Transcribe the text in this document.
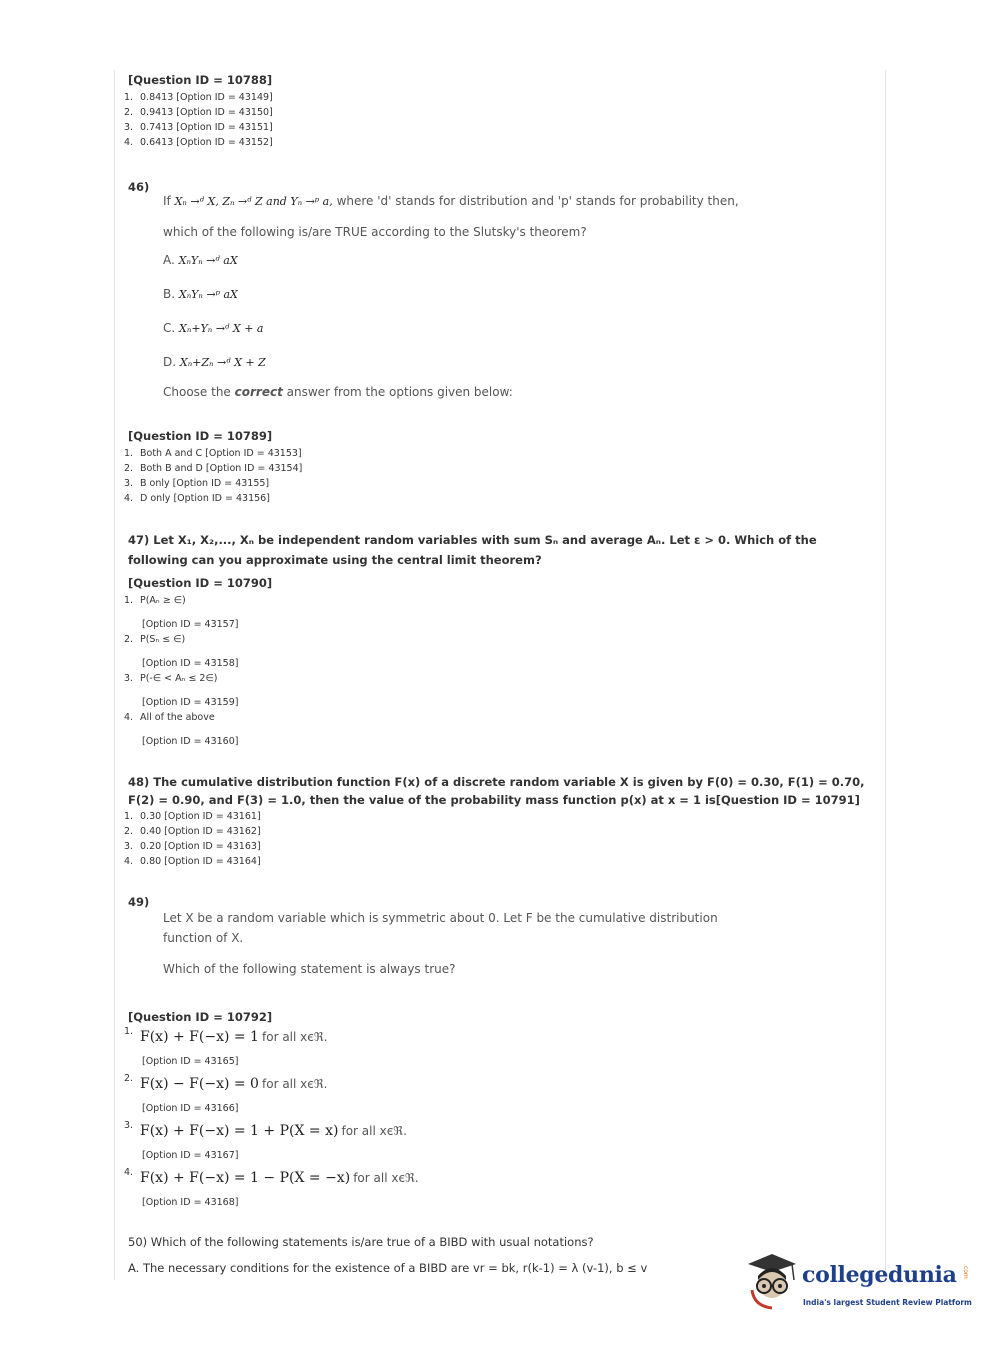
[Question ID = 10788]
1. 0.8413 [Option ID = 43149]
2. 0.9413 [Option ID = 43150]
3. 0.7413 [Option ID = 43151]
4. 0.6413 [Option ID = 43152]
46)
If Xₙ →ᵈ X, Zₙ →ᵈ Z and Yₙ →ᵖ a, where 'd' stands for distribution and 'p' stands for probability then,
which of the following is/are TRUE according to the Slutsky's theorem?
A. XₙYₙ →ᵈ aX
B. XₙYₙ →ᵖ aX
C. Xₙ+Yₙ →ᵈ X + a
D. Xₙ+Zₙ →ᵈ X + Z
Choose the correct answer from the options given below:
[Question ID = 10789]
1. Both A and C [Option ID = 43153]
2. Both B and D [Option ID = 43154]
3. B only [Option ID = 43155]
4. D only [Option ID = 43156]
47) Let X₁, X₂,..., Xₙ be independent random variables with sum Sₙ and average Aₙ. Let ε > 0. Which of the following can you approximate using the central limit theorem?
[Question ID = 10790]
1. P(Aₙ ≥ ∈)
[Option ID = 43157]
2. P(Sₙ ≤ ∈)
[Option ID = 43158]
3. P(-∈ < Aₙ ≤ 2∈)
[Option ID = 43159]
4. All of the above
[Option ID = 43160]
48) The cumulative distribution function F(x) of a discrete random variable X is given by F(0) = 0.30, F(1) = 0.70, F(2) = 0.90, and F(3) = 1.0, then the value of the probability mass function p(x) at x = 1 is[Question ID = 10791]
1. 0.30 [Option ID = 43161]
2. 0.40 [Option ID = 43162]
3. 0.20 [Option ID = 43163]
4. 0.80 [Option ID = 43164]
49)
Let X be a random variable which is symmetric about 0. Let F be the cumulative distribution
function of X.
Which of the following statement is always true?
[Question ID = 10792]
1. F(x) + F(−x) = 1 for all xєℜ.
[Option ID = 43165]
2. F(x) − F(−x) = 0 for all xєℜ.
[Option ID = 43166]
3. F(x) + F(−x) = 1 + P(X = x) for all xєℜ.
[Option ID = 43167]
4. F(x) + F(−x) = 1 − P(X = −x) for all xєℜ.
[Option ID = 43168]
50) Which of the following statements is/are true of a BIBD with usual notations?
A. The necessary conditions for the existence of a BIBD are vr = bk, r(k-1) = λ (v-1), b ≤ v	collegedunia .com
India's largest Student Review Platform
